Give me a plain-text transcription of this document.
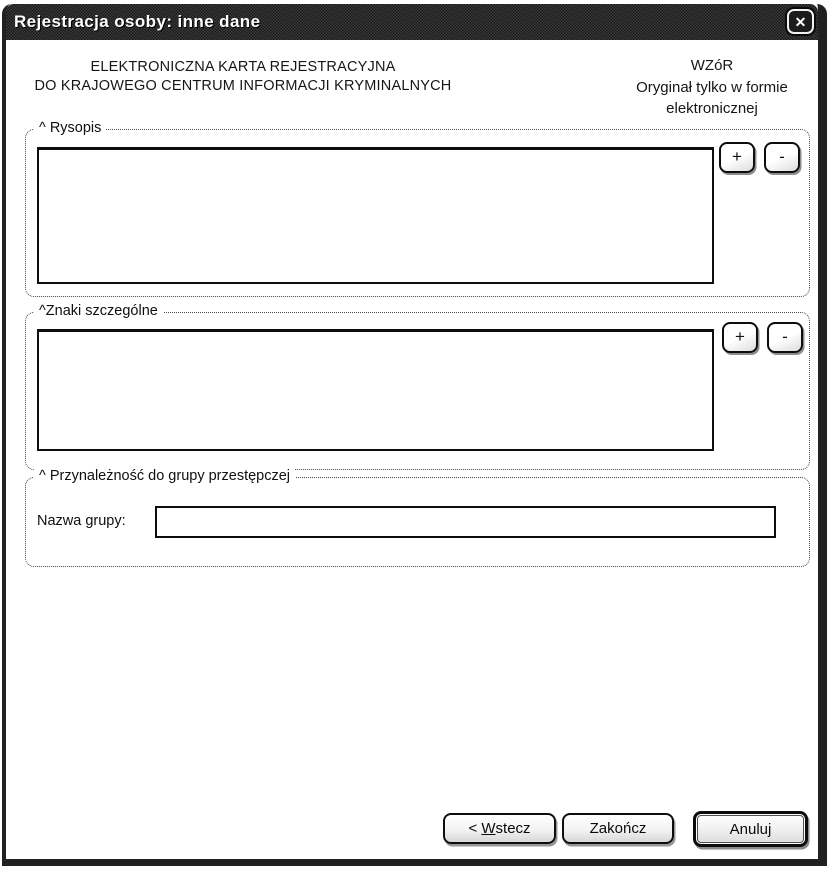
Rejestracja osoby: inne dane	✕
ELEKTRONICZNA KARTA REJESTRACYJNA
DO KRAJOWEGO CENTRUM INFORMACJI KRYMINALNYCH
WZóR
Oryginał tylko w formie
elektronicznej
^ Rysopis
+ -
^Znaki szczególne
+ -
^ Przynależność do grupy przestępczej
Nazwa grupy:
< W stecz	Zakończ	Anuluj
